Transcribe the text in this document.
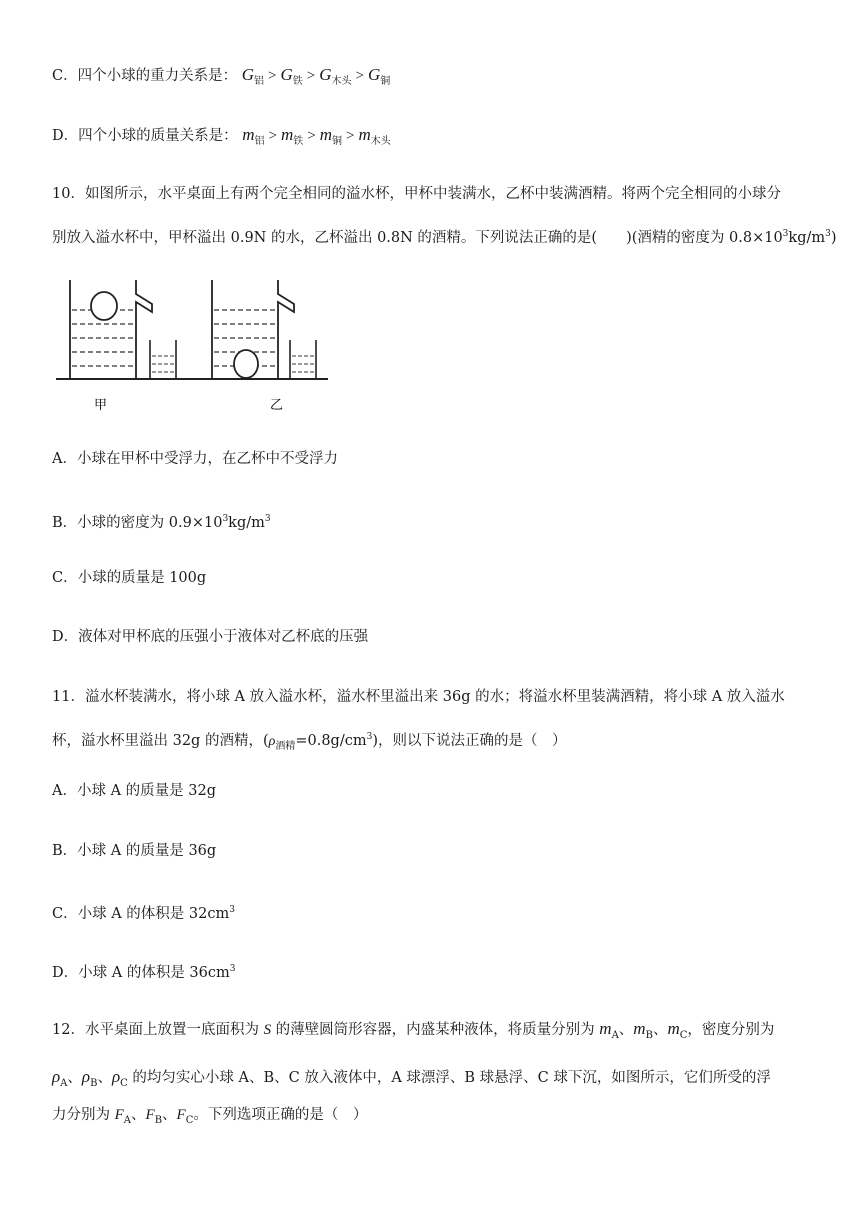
C．四个小球的重力关系是： $G_铝 > G_铁 > G_{木头} > G_铜$
D．四个小球的质量关系是： $m_铝 > m_铁 > m_铜 > m_{木头}$
10．如图所示，水平桌面上有两个完全相同的溢水杯，甲杯中装满水，乙杯中装满酒精。将两个完全相同的小球分
别放入溢水杯中，甲杯溢出 0.9N 的水，乙杯溢出 0.8N 的酒精。下列说法正确的是(　　)(酒精的密度为 $0.8\times 10^3kg/m^3$)
甲	乙
A．小球在甲杯中受浮力，在乙杯中不受浮力
B．小球的密度为 $0.9\times 10^3kg/m^3$
C．小球的质量是 100g
D．液体对甲杯底的压强小于液体对乙杯底的压强
11．溢水杯装满水，将小球 A 放入溢水杯，溢水杯里溢出来 36g 的水；将溢水杯里装满酒精，将小球 A 放入溢水
杯，溢水杯里溢出 32g 的酒精，$(\rho_{酒精}=0.8g/cm^3)$，则以下说法正确的是（　）
A．小球 A 的质量是 32g
B．小球 A 的质量是 36g
C．小球 A 的体积是 $32cm^3$
D．小球 A 的体积是 $36cm^3$
12．水平桌面上放置一底面积为 S 的薄壁圆筒形容器，内盛某种液体，将质量分别为 $m_A$、$m_B$、$m_C$，密度分别为
$\rho_A$、$\rho_B$、$\rho_C$ 的均匀实心小球 A、B、C 放入液体中，A 球漂浮、B 球悬浮、C 球下沉，如图所示，它们所受的浮
力分别为 $F_A$、$F_B$、$F_C$。下列选项正确的是（　）
